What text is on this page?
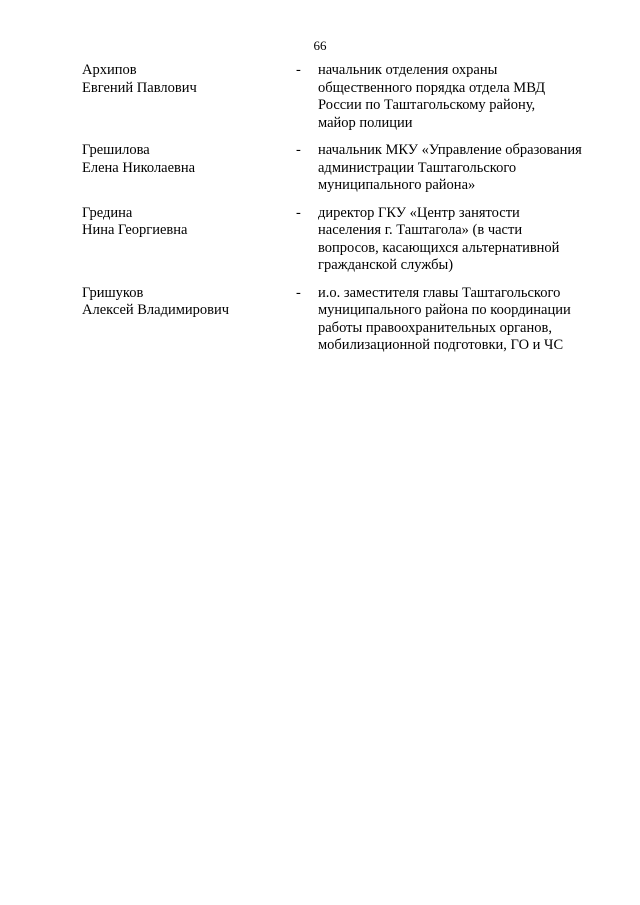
66
Архипов
Евгений Павлович
- начальник отделения охраны
общественного порядка отдела МВД
России по Таштагольскому району,
майор полиции
Грешилова
Елена Николаевна
- начальник МКУ «Управление образования
администрации Таштагольского
муниципального района»
Гредина
Нина Георгиевна
- директор ГКУ «Центр занятости
населения г. Таштагола» (в части
вопросов, касающихся альтернативной
гражданской службы)
Гришуков
Алексей Владимирович
- и.о. заместителя главы Таштагольского
муниципального района по координации
работы правоохранительных органов,
мобилизационной подготовки, ГО и ЧС
